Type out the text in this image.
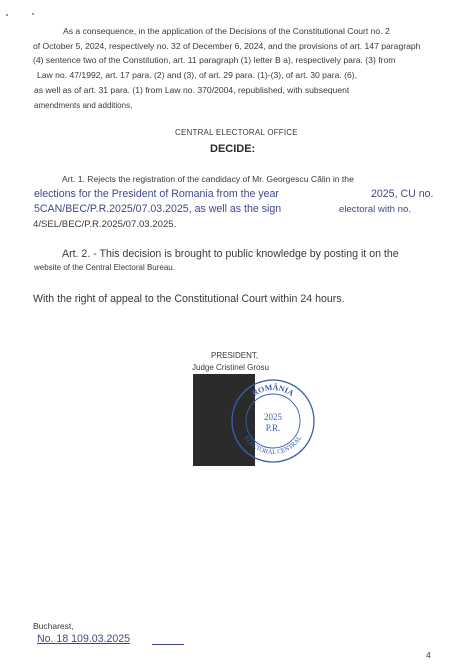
As a consequence, in the application of the Decisions of the Constitutional Court no. 2
of October 5, 2024, respectively no. 32 of December 6, 2024, and the provisions of art. 147 paragraph
(4) sentence two of the Constitution, art. 11 paragraph (1) letter B a), respectively para. (3) from
Law no. 47/1992, art. 17 para. (2) and (3), of art. 29 para. (1)-(3), of art. 30 para. (6),
as well as of art. 31 para. (1) from Law no. 370/2004, republished, with subsequent
amendments and additions,
CENTRAL ELECTORAL OFFICE
DECIDE:
Art. 1. Rejects the registration of the candidacy of Mr. Georgescu Călin in the
elections for the President of Romania from the year	2025, CU no.
5CAN/BEC/P.R.2025/07.03.2025, as well as the sign	electoral with no.
4/SEL/BEC/P.R.2025/07.03.2025.
Art. 2. - This decision is brought to public knowledge by posting it on the
website of the Central Electoral Bureau.
With the right of appeal to the Constitutional Court within 24 hours.
PRESIDENT,
Judge Cristinel Grosu
ROMÂNIA
ELECTORAL CENTRAL
2025
P.R.
Bucharest,
No. 18 109.03.2025
4
